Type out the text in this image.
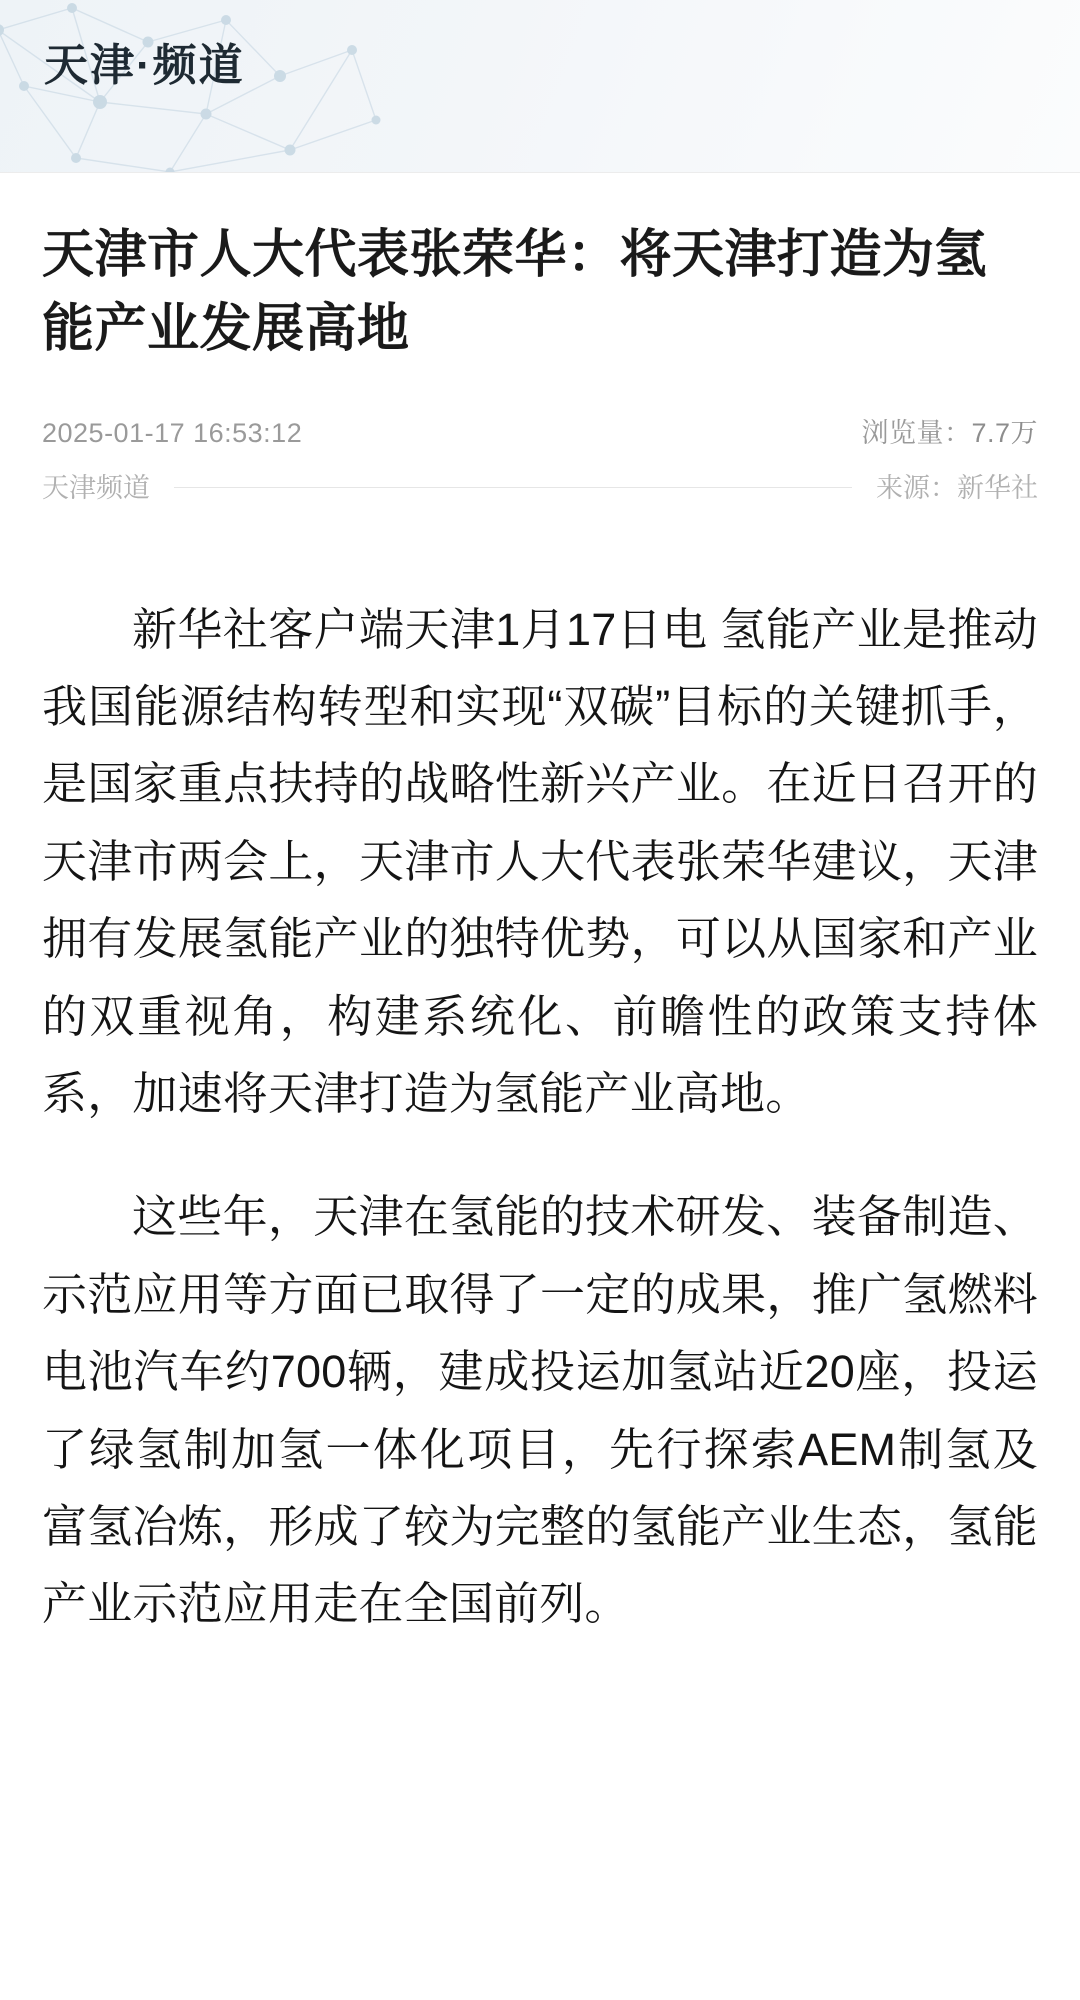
天津·频道
天津市人大代表张荣华：将天津打造为氢能产业发展高地
2025-01-17 16:53:12	浏览量：7.7万
天津频道	来源：新华社

新华社客户端天津1月17日电 氢能产业是推动我国能源结构转型和实现“双碳”目标的关键抓手，是国家重点扶持的战略性新兴产业。在近日召开的天津市两会上，天津市人大代表张荣华建议，天津拥有发展氢能产业的独特优势，可以从国家和产业的双重视角，构建系统化、前瞻性的政策支持体系，加速将天津打造为氢能产业高地。

这些年，天津在氢能的技术研发、装备制造、示范应用等方面已取得了一定的成果，推广氢燃料电池汽车约700辆，建成投运加氢站近20座，投运了绿氢制加氢一体化项目，先行探索AEM制氢及富氢冶炼，形成了较为完整的氢能产业生态，氢能产业示范应用走在全国前列。
